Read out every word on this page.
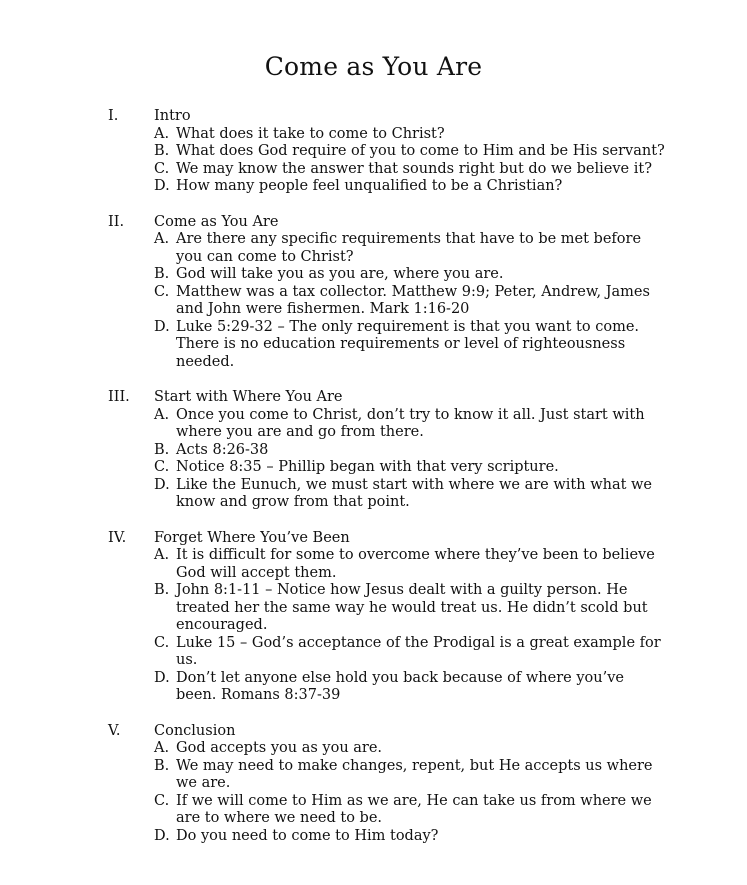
Come as You Are
I.	Intro
A. What does it take to come to Christ?
B. What does God require of you to come to Him and be His servant?
C. We may know the answer that sounds right but do we believe it?
D. How many people feel unqualified to be a Christian?
II.	Come as You Are
A. Are there any specific requirements that have to be met before you can come to Christ?
B. God will take you as you are, where you are.
C. Matthew was a tax collector. Matthew 9:9; Peter, Andrew, James and John were fishermen. Mark 1:16-20
D. Luke 5:29-32 – The only requirement is that you want to come. There is no education requirements or level of righteousness needed.
III.	Start with Where You Are
A. Once you come to Christ, don’t try to know it all. Just start with where you are and go from there.
B. Acts 8:26-38
C. Notice 8:35 – Phillip began with that very scripture.
D. Like the Eunuch, we must start with where we are with what we know and grow from that point.
IV.	Forget Where You’ve Been
A. It is difficult for some to overcome where they’ve been to believe God will accept them.
B. John 8:1-11 – Notice how Jesus dealt with a guilty person. He treated her the same way he would treat us. He didn’t scold but encouraged.
C. Luke 15 – God’s acceptance of the Prodigal is a great example for us.
D. Don’t let anyone else hold you back because of where you’ve been. Romans 8:37-39
V.	Conclusion
A. God accepts you as you are.
B. We may need to make changes, repent, but He accepts us where we are.
C. If we will come to Him as we are, He can take us from where we are to where we need to be.
D. Do you need to come to Him today?
